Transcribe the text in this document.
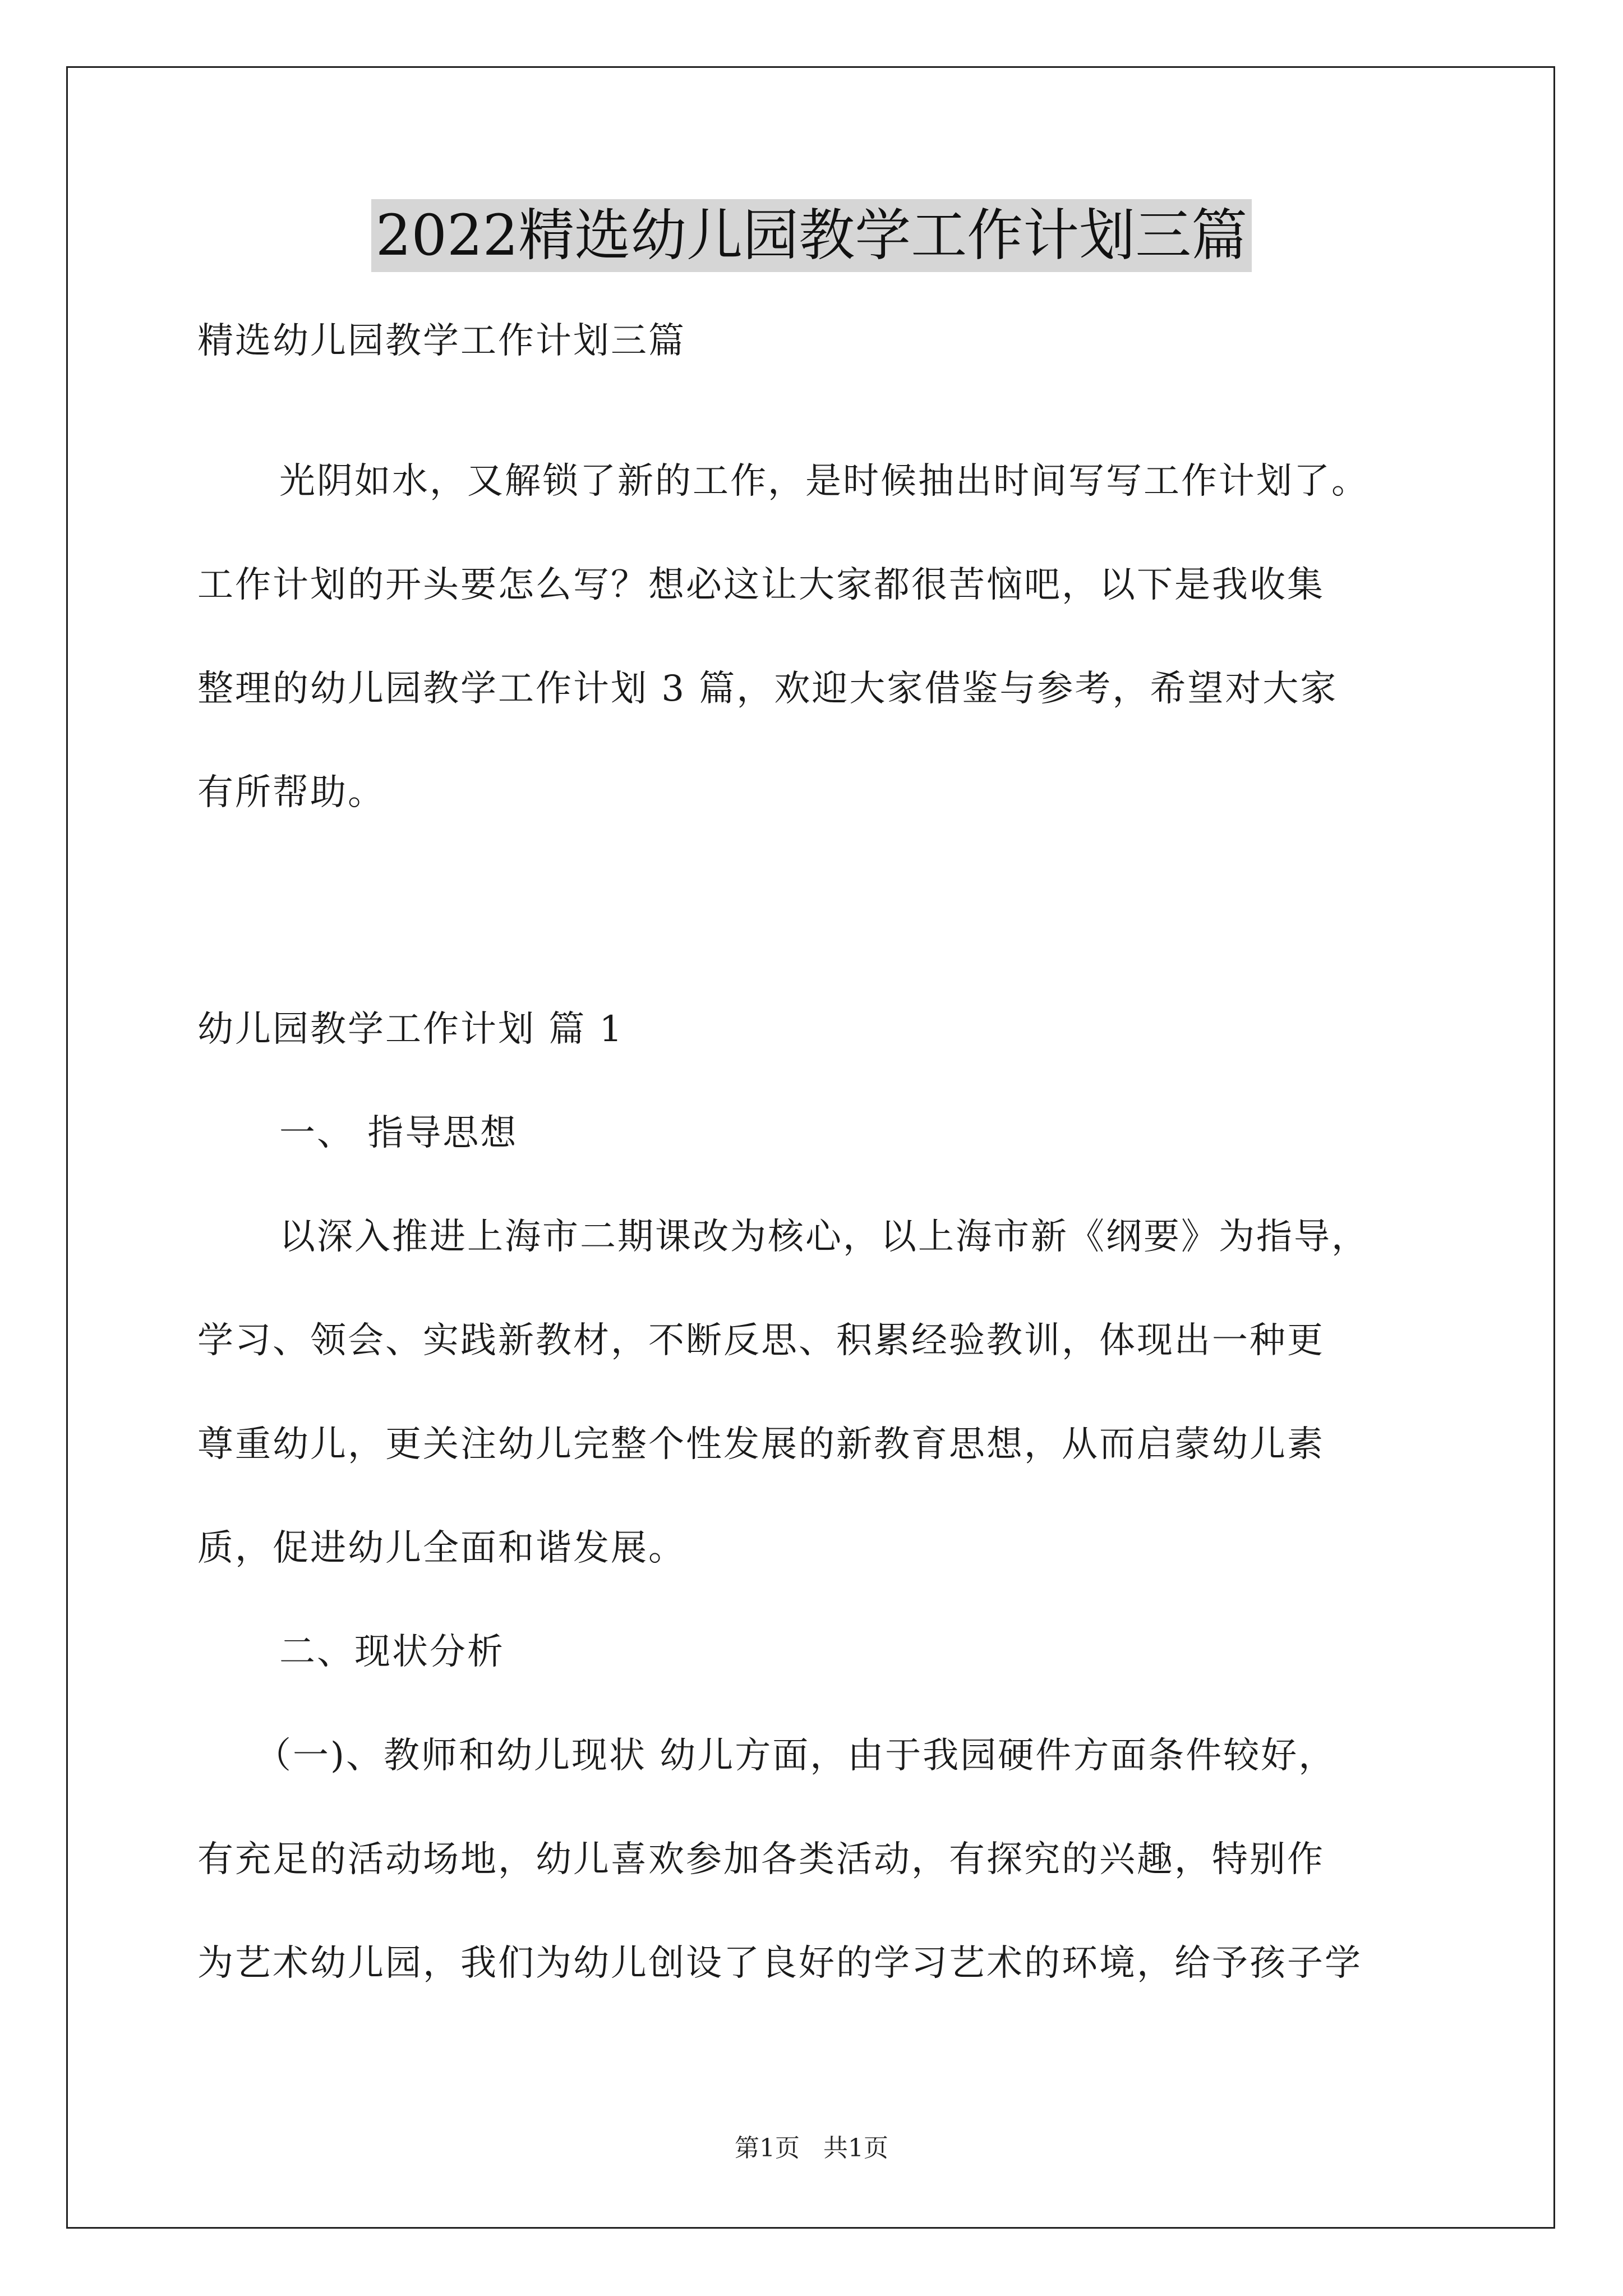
2022精选幼儿园教学工作计划三篇

精选幼儿园教学工作计划三篇

光阴如水，又解锁了新的工作，是时候抽出时间写写工作计划了。

工作计划的开头要怎么写？想必这让大家都很苦恼吧，以下是我收集

整理的幼儿园教学工作计划 3 篇，欢迎大家借鉴与参考，希望对大家

有所帮助。

幼儿园教学工作计划 篇 1

一、 指导思想

以深入推进上海市二期课改为核心，以上海市新《纲要》为指导，

学习、领会、实践新教材，不断反思、积累经验教训，体现出一种更

尊重幼儿，更关注幼儿完整个性发展的新教育思想，从而启蒙幼儿素

质，促进幼儿全面和谐发展。

二、现状分析

（一)、教师和幼儿现状 幼儿方面，由于我园硬件方面条件较好，

有充足的活动场地，幼儿喜欢参加各类活动，有探究的兴趣，特别作

为艺术幼儿园，我们为幼儿创设了良好的学习艺术的环境，给予孩子学

第1页   共1页
